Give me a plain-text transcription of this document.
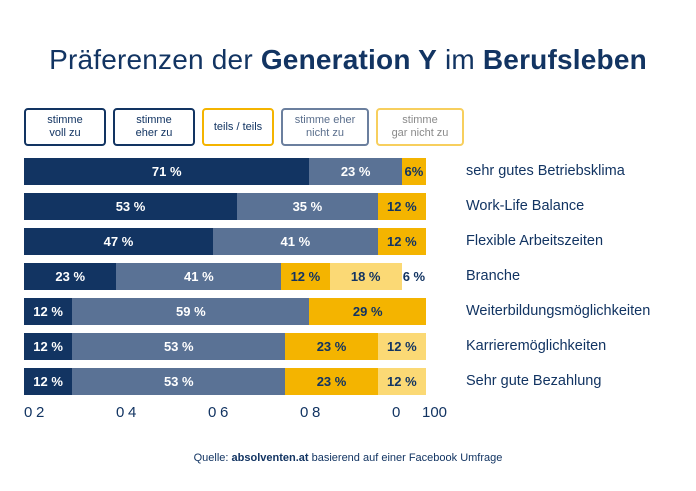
Präferenzen der Generation Y im Berufsleben
stimme
voll zu
stimme
eher zu
teils / teils
stimme eher
nicht zu
stimme
gar nicht zu
71 %	23 %	6%	sehr gutes Betriebsklima
53 %	35 %	12 %	Work-Life Balance
47 %	41 %	12 %	Flexible Arbeitszeiten
23 %	41 %	12 %	18 %	6 %	Branche
12 %	59 %	29 %	Weiterbildungsmöglichkeiten
12 %	53 %	23 %	12 %	Karrieremöglichkeiten
12 %	53 %	23 %	12 %	Sehr gute Bezahlung
0 2	0 4	0 6	0 8	0 100
Quelle: absolventen.at basierend auf einer Facebook Umfrage
